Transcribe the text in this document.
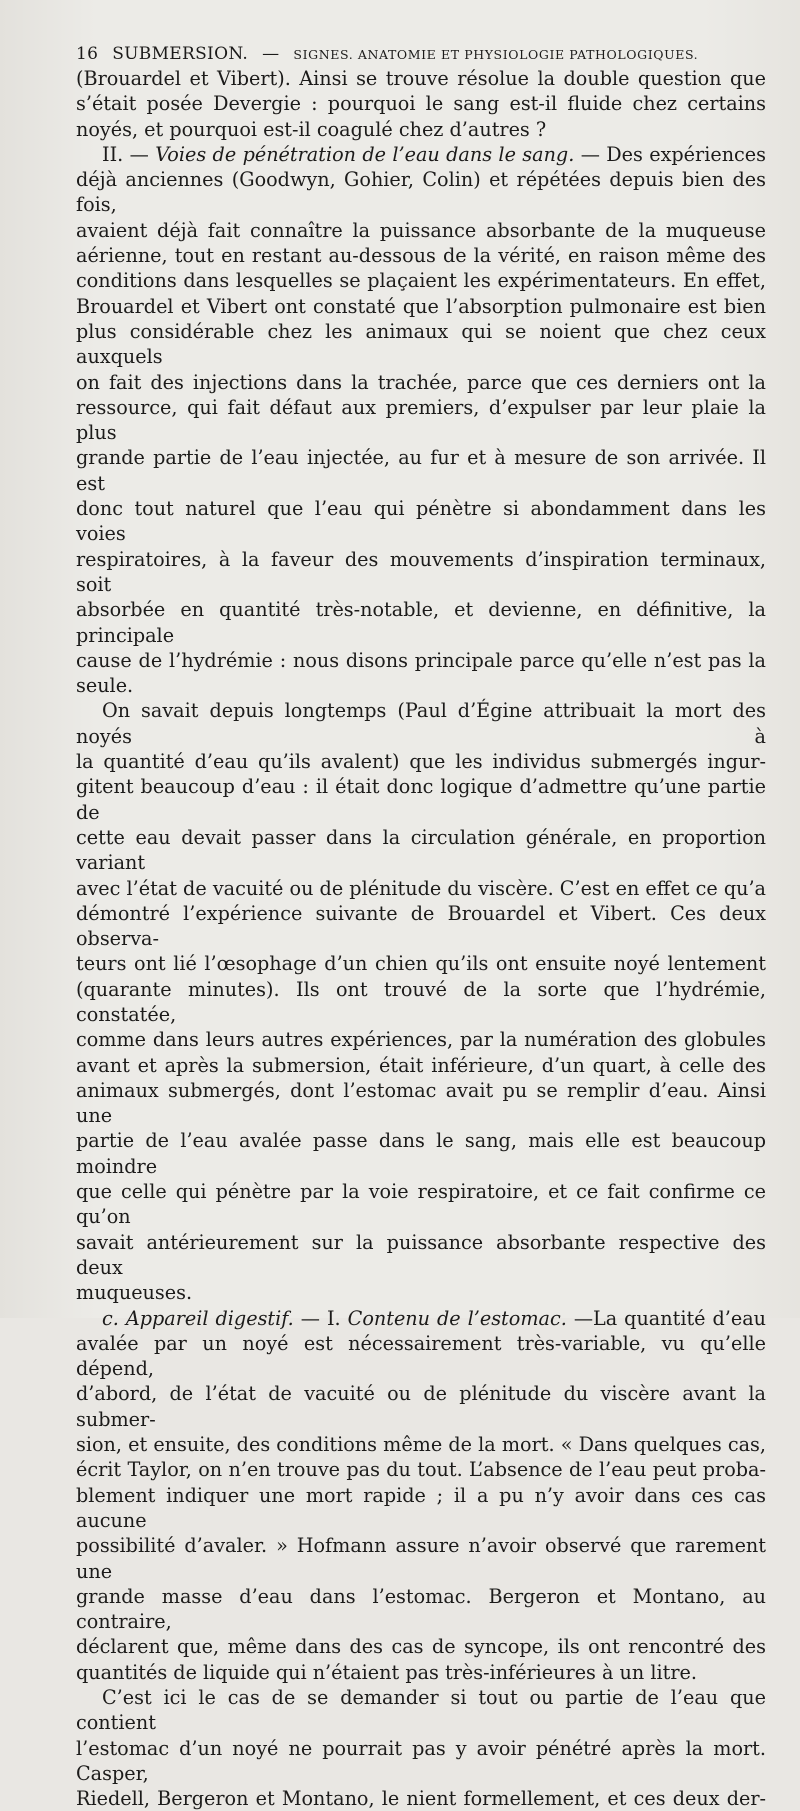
16 SUBMERSION. — SIGNES. ANATOMIE ET PHYSIOLOGIE PATHOLOGIQUES.

(Brouardel et Vibert). Ainsi se trouve résolue la double question que
s’était posée Devergie : pourquoi le sang est-il fluide chez certains
noyés, et pourquoi est-il coagulé chez d’autres ?

II. — Voies de pénétration de l’eau dans le sang. — Des expériences
déjà anciennes (Goodwyn, Gohier, Colin) et répétées depuis bien des fois,
avaient déjà fait connaître la puissance absorbante de la muqueuse
aérienne, tout en restant au-dessous de la vérité, en raison même des
conditions dans lesquelles se plaçaient les expérimentateurs. En effet,
Brouardel et Vibert ont constaté que l’absorption pulmonaire est bien
plus considérable chez les animaux qui se noient que chez ceux auxquels
on fait des injections dans la trachée, parce que ces derniers ont la
ressource, qui fait défaut aux premiers, d’expulser par leur plaie la plus
grande partie de l’eau injectée, au fur et à mesure de son arrivée. Il est
donc tout naturel que l’eau qui pénètre si abondamment dans les voies
respiratoires, à la faveur des mouvements d’inspiration terminaux, soit
absorbée en quantité très-notable, et devienne, en définitive, la principale
cause de l’hydrémie : nous disons principale parce qu’elle n’est pas la
seule.

On savait depuis longtemps (Paul d’Égine attribuait la mort des noyés à
la quantité d’eau qu’ils avalent) que les individus submergés ingur-
gitent beaucoup d’eau : il était donc logique d’admettre qu’une partie de
cette eau devait passer dans la circulation générale, en proportion variant
avec l’état de vacuité ou de plénitude du viscère. C’est en effet ce qu’a
démontré l’expérience suivante de Brouardel et Vibert. Ces deux observa-
teurs ont lié l’œsophage d’un chien qu’ils ont ensuite noyé lentement
(quarante minutes). Ils ont trouvé de la sorte que l’hydrémie, constatée,
comme dans leurs autres expériences, par la numération des globules
avant et après la submersion, était inférieure, d’un quart, à celle des
animaux submergés, dont l’estomac avait pu se remplir d’eau. Ainsi une
partie de l’eau avalée passe dans le sang, mais elle est beaucoup moindre
que celle qui pénètre par la voie respiratoire, et ce fait confirme ce qu’on
savait antérieurement sur la puissance absorbante respective des deux
muqueuses.

c. Appareil digestif. — I. Contenu de l’estomac. —La quantité d’eau
avalée par un noyé est nécessairement très-variable, vu qu’elle dépend,
d’abord, de l’état de vacuité ou de plénitude du viscère avant la submer-
sion, et ensuite, des conditions même de la mort. « Dans quelques cas,
écrit Taylor, on n’en trouve pas du tout. L’absence de l’eau peut proba-
blement indiquer une mort rapide ; il a pu n’y avoir dans ces cas aucune
possibilité d’avaler. » Hofmann assure n’avoir observé que rarement une
grande masse d’eau dans l’estomac. Bergeron et Montano, au contraire,
déclarent que, même dans des cas de syncope, ils ont rencontré des
quantités de liquide qui n’étaient pas très-inférieures à un litre.

C’est ici le cas de se demander si tout ou partie de l’eau que contient
l’estomac d’un noyé ne pourrait pas y avoir pénétré après la mort. Casper,
Riedell, Bergeron et Montano, le nient formellement, et ces deux der-
